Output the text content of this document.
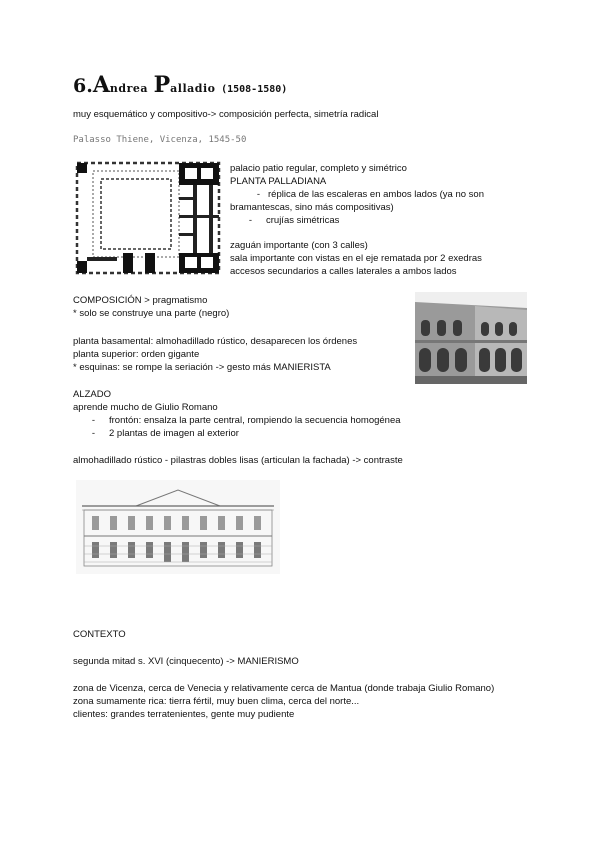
6.Andrea Palladio (1508-1580)
muy esquemático y compositivo-> composición perfecta, simetría radical
Palasso Thiene, Vicenza, 1545-50
palacio patio regular, completo y simétrico
PLANTA PALLADIANA
- réplica de las escaleras en ambos lados (ya no son
bramantescas, sino más compositivas)
- crujías simétricas
zaguán importante (con 3 calles)
sala importante con vistas en el eje rematada por 2 exedras
accesos secundarios a calles laterales a ambos lados
COMPOSICIÓN > pragmatismo
* solo se construye una parte (negro)
planta basamental: almohadillado rústico, desaparecen los órdenes
planta superior: orden gigante
* esquinas: se rompe la seriación -> gesto más MANIERISTA
ALZADO
aprende mucho de Giulio Romano
- frontón: ensalza la parte central, rompiendo la secuencia homogénea
- 2 plantas de imagen al exterior
almohadillado rústico - pilastras dobles lisas (articulan la fachada) -> contraste
CONTEXTO
segunda mitad s. XVI (cinquecento) -> MANIERISMO
zona de Vicenza, cerca de Venecia y relativamente cerca de Mantua (donde trabaja Giulio Romano)
zona sumamente rica: tierra fértil, muy buen clima, cerca del norte...
clientes: grandes terratenientes, gente muy pudiente
